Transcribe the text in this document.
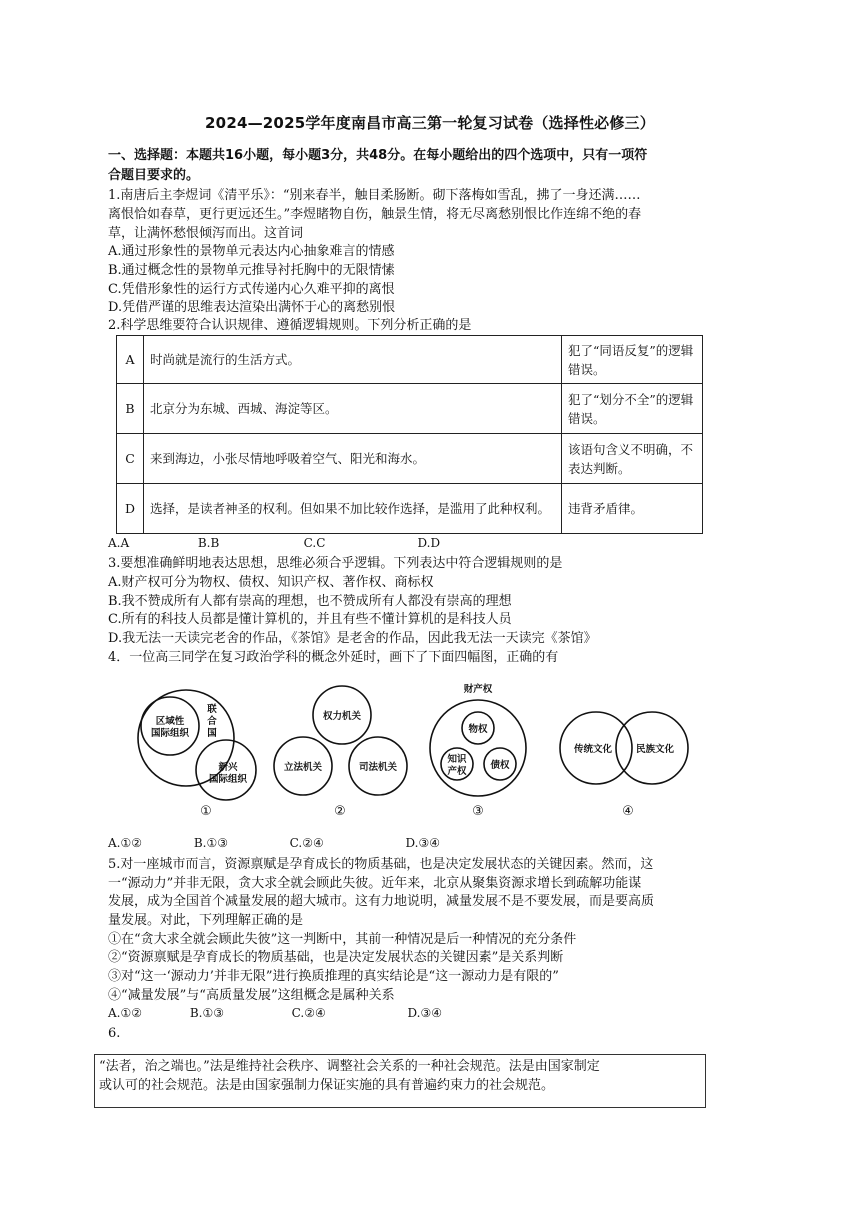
2024—2025学年度南昌市高三第一轮复习试卷（选择性必修三）
一、选择题：本题共16小题，每小题3分，共48分。在每小题给出的四个选项中，只有一项符
合题目要求的。
1.南唐后主李煜词《清平乐》：“别来春半，触目柔肠断。砌下落梅如雪乱，拂了一身还满……
离恨恰如春草，更行更远还生。”李煜睹物自伤，触景生情，将无尽离愁别恨比作连绵不绝的春
草，让满怀愁恨倾泻而出。这首词
A.通过形象性的景物单元表达内心抽象难言的情感
B.通过概念性的景物单元推导衬托胸中的无限情愫
C.凭借形象性的运行方式传递内心久难平抑的离恨
D.凭借严谨的思维表达渲染出满怀于心的离愁别恨
2.科学思维要符合认识规律、遵循逻辑规则。下列分析正确的是
A	时尚就是流行的生活方式。	犯了“同语反复”的逻辑错误。
B	北京分为东城、西城、海淀等区。	犯了“划分不全”的逻辑错误。
C	来到海边，小张尽情地呼吸着空气、阳光和海水。	该语句含义不明确，不表达判断。
D	选择，是读者神圣的权利。但如果不加比较作选择，是滥用了此种权利。	违背矛盾律。
A.A	B.B	C.C	D.D
3.要想准确鲜明地表达思想，思维必须合乎逻辑。下列表达中符合逻辑规则的是
A.财产权可分为物权、债权、知识产权、著作权、商标权
B.我不赞成所有人都有崇高的理想，也不赞成所有人都没有崇高的理想
C.所有的科技人员都是懂计算机的，并且有些不懂计算机的是科技人员
D.我无法一天读完老舍的作品，《茶馆》是老舍的作品，因此我无法一天读完《茶馆》
4．一位高三同学在复习政治学科的概念外延时，画下了下面四幅图，正确的有
区域性
国际组织
联
合
国
新兴
国际组织
①
权力机关
立法机关	司法机关
②
财产权
物权
知识
产权
债权
③
传统文化	民族文化
④
A.①②	B.①③	C.②④	D.③④
5.对一座城市而言，资源禀赋是孕育成长的物质基础，也是决定发展状态的关键因素。然而，这
一“源动力”并非无限，贪大求全就会顾此失彼。近年来，北京从聚集资源求增长到疏解功能谋
发展，成为全国首个减量发展的超大城市。这有力地说明，减量发展不是不要发展，而是要高质
量发展。对此，下列理解正确的是
①在“贪大求全就会顾此失彼”这一判断中，其前一种情况是后一种情况的充分条件
②“资源禀赋是孕育成长的物质基础，也是决定发展状态的关键因素”是关系判断
③对“这一‘源动力’并非无限”进行换质推理的真实结论是“这一源动力是有限的”
④“减量发展”与“高质量发展”这组概念是属种关系
A.①②	B.①③	C.②④	D.③④
6.
“法者，治之端也。”法是维持社会秩序、调整社会关系的一种社会规范。法是由国家制定
或认可的社会规范。法是由国家强制力保证实施的具有普遍约束力的社会规范。
